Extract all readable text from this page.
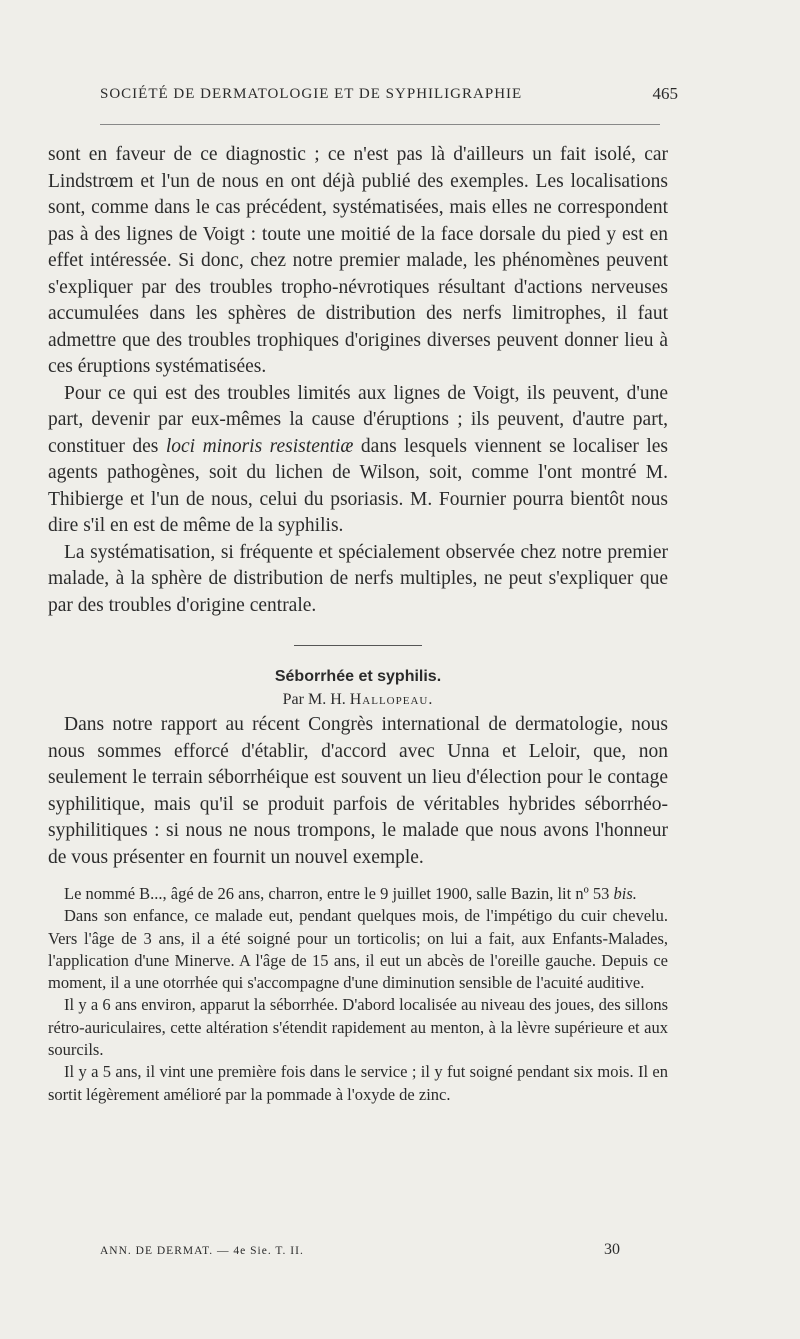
SOCIÉTÉ DE DERMATOLOGIE ET DE SYPHILIGRAPHIE	465

sont en faveur de ce diagnostic ; ce n'est pas là d'ailleurs un fait isolé, car Lindstrœm et l'un de nous en ont déjà publié des exemples. Les localisations sont, comme dans le cas précédent, systématisées, mais elles ne correspondent pas à des lignes de Voigt : toute une moitié de la face dorsale du pied y est en effet intéressée. Si donc, chez notre premier malade, les phénomènes peuvent s'expliquer par des troubles tropho-névrotiques résultant d'actions nerveuses accumulées dans les sphères de distribution des nerfs limitrophes, il faut admettre que des troubles trophiques d'origines diverses peuvent donner lieu à ces éruptions systématisées.

Pour ce qui est des troubles limités aux lignes de Voigt, ils peuvent, d'une part, devenir par eux-mêmes la cause d'éruptions ; ils peuvent, d'autre part, constituer des loci minoris resistentiæ dans lesquels viennent se localiser les agents pathogènes, soit du lichen de Wilson, soit, comme l'ont montré M. Thibierge et l'un de nous, celui du psoriasis. M. Fournier pourra bientôt nous dire s'il en est de même de la syphilis.

La systématisation, si fréquente et spécialement observée chez notre premier malade, à la sphère de distribution de nerfs multiples, ne peut s'expliquer que par des troubles d'origine centrale.

Séborrhée et syphilis.

Par M. H. Hallopeau.

Dans notre rapport au récent Congrès international de dermatologie, nous nous sommes efforcé d'établir, d'accord avec Unna et Leloir, que, non seulement le terrain séborrhéique est souvent un lieu d'élection pour le contage syphilitique, mais qu'il se produit parfois de véritables hybrides séborrhéo-syphilitiques : si nous ne nous trompons, le malade que nous avons l'honneur de vous présenter en fournit un nouvel exemple.

Le nommé B..., âgé de 26 ans, charron, entre le 9 juillet 1900, salle Bazin, lit nº 53 bis.

Dans son enfance, ce malade eut, pendant quelques mois, de l'impétigo du cuir chevelu. Vers l'âge de 3 ans, il a été soigné pour un torticolis; on lui a fait, aux Enfants-Malades, l'application d'une Minerve. A l'âge de 15 ans, il eut un abcès de l'oreille gauche. Depuis ce moment, il a une otorrhée qui s'accompagne d'une diminution sensible de l'acuité auditive.

Il y a 6 ans environ, apparut la séborrhée. D'abord localisée au niveau des joues, des sillons rétro-auriculaires, cette altération s'étendit rapidement au menton, à la lèvre supérieure et aux sourcils.

Il y a 5 ans, il vint une première fois dans le service ; il y fut soigné pendant six mois. Il en sortit légèrement amélioré par la pommade à l'oxyde de zinc.

ANN. DE DERMAT. — 4e Sie. T. II.	30
